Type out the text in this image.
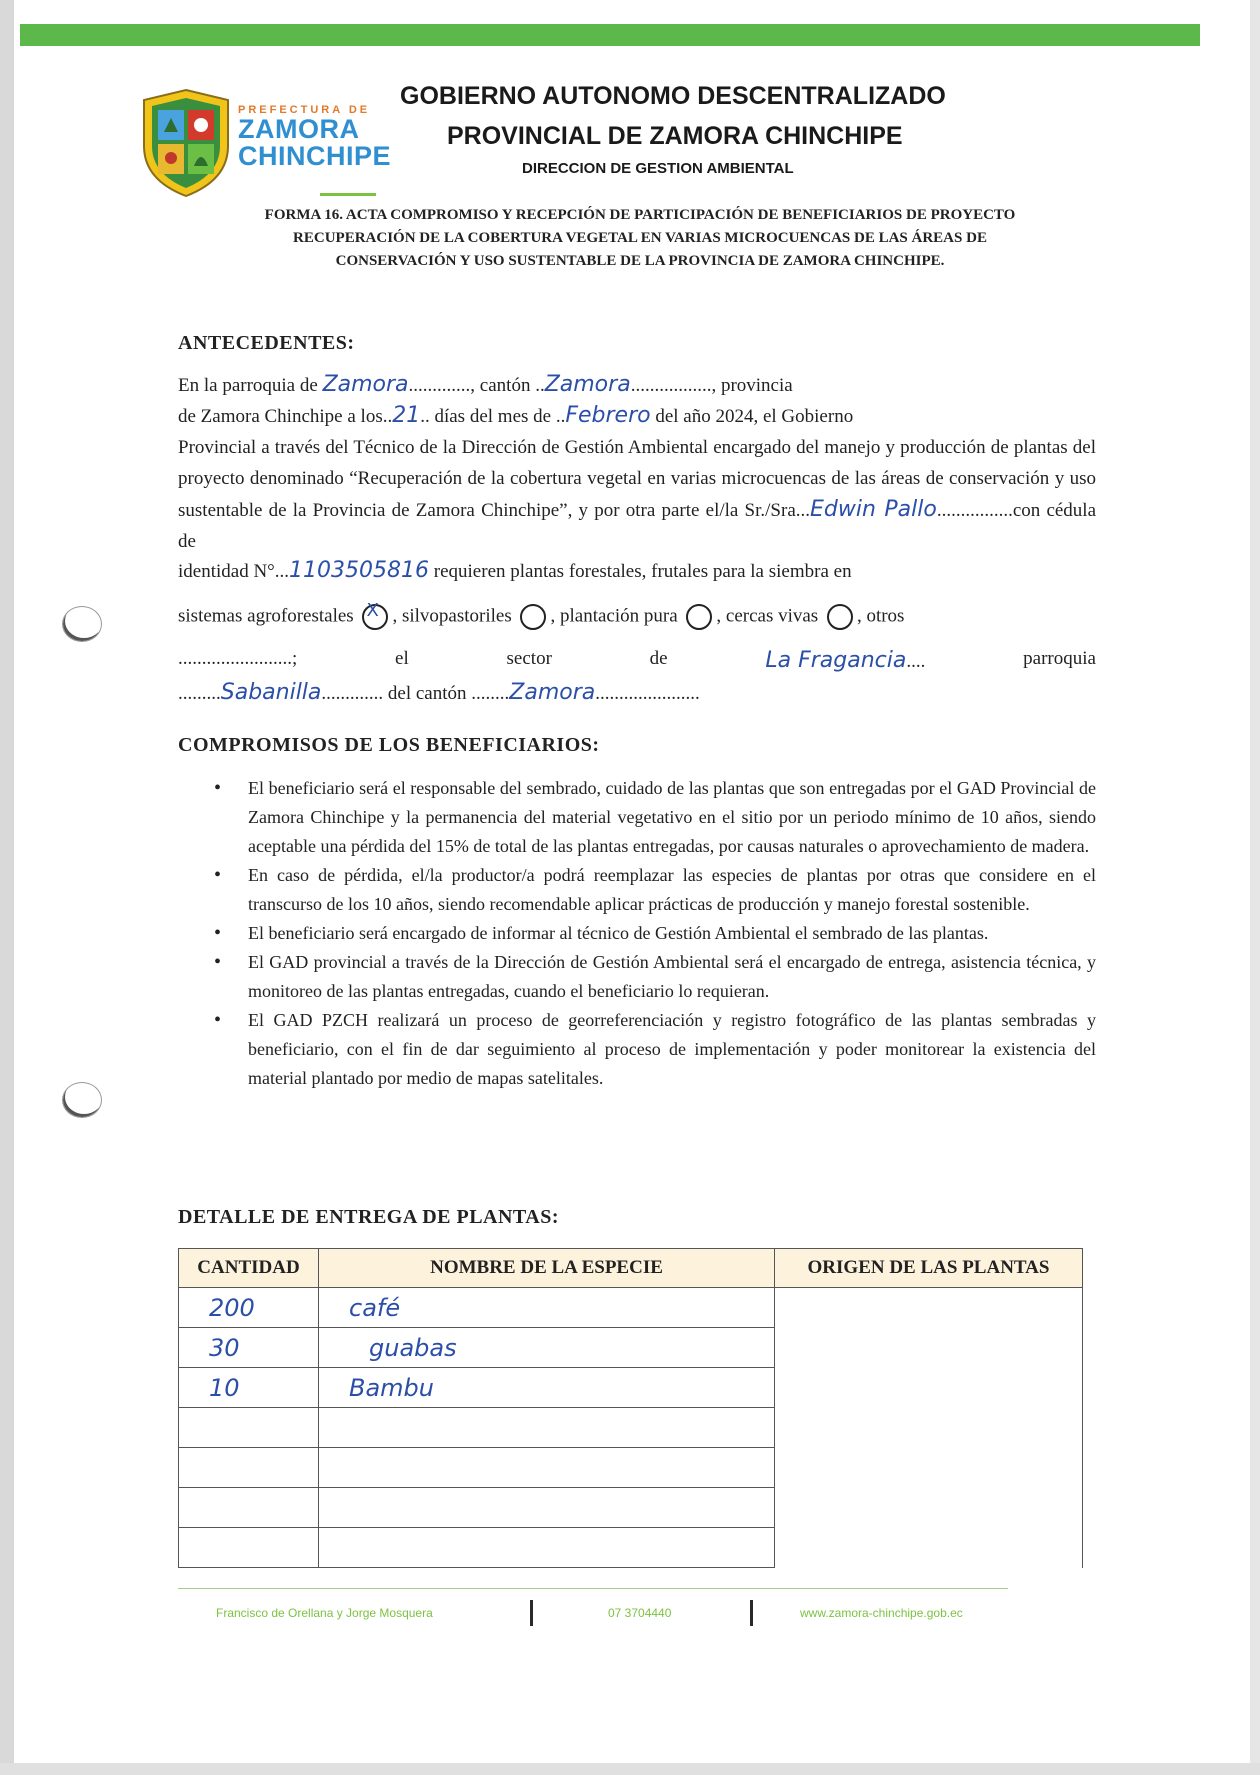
PREFECTURA DE
ZAMORA
CHINCHIPE
GOBIERNO AUTONOMO DESCENTRALIZADO
PROVINCIAL DE ZAMORA CHINCHIPE
DIRECCION DE GESTION AMBIENTAL
FORMA 16. ACTA COMPROMISO Y RECEPCIÓN DE PARTICIPACIÓN DE BENEFICIARIOS DE PROYECTO
RECUPERACIÓN DE LA COBERTURA VEGETAL EN VARIAS MICROCUENCAS DE LAS ÁREAS DE
CONSERVACIÓN Y USO SUSTENTABLE DE LA PROVINCIA DE ZAMORA CHINCHIPE.
ANTECEDENTES:
En la parroquia de Zamora............., cantón ..Zamora................., provincia
de Zamora Chinchipe a los..21.. días del mes de ..Febrero del año 2024, el Gobierno
Provincial a través del Técnico de la Dirección de Gestión Ambiental encargado del manejo y producción de plantas del proyecto denominado “Recuperación de la cobertura vegetal en varias microcuencas de las áreas de conservación y uso sustentable de la Provincia de Zamora Chinchipe”, y por otra parte el/la Sr./Sra...Edwin Pallo................con cédula de
identidad N°...1103505816 requieren plantas forestales, frutales para la siembra en
sistemas agroforestales X , silvopastoriles , plantación pura , cercas vivas , otros
........................;	el	sector	de	La Fragancia....	parroquia
.........Sabanilla............. del cantón ........Zamora......................
COMPROMISOS DE LOS BENEFICIARIOS:
• El beneficiario será el responsable del sembrado, cuidado de las plantas que son entregadas por el GAD Provincial de Zamora Chinchipe y la permanencia del material vegetativo en el sitio por un periodo mínimo de 10 años, siendo aceptable una pérdida del 15% de total de las plantas entregadas, por causas naturales o aprovechamiento de madera.
• En caso de pérdida, el/la productor/a podrá reemplazar las especies de plantas por otras que considere en el transcurso de los 10 años, siendo recomendable aplicar prácticas de producción y manejo forestal sostenible.
• El beneficiario será encargado de informar al técnico de Gestión Ambiental el sembrado de las plantas.
• El GAD provincial a través de la Dirección de Gestión Ambiental será el encargado de entrega, asistencia técnica, y monitoreo de las plantas entregadas, cuando el beneficiario lo requieran.
• El GAD PZCH realizará un proceso de georreferenciación y registro fotográfico de las plantas sembradas y beneficiario, con el fin de dar seguimiento al proceso de implementación y poder monitorear la existencia del material plantado por medio de mapas satelitales.
DETALLE DE ENTREGA DE PLANTAS:
CANTIDAD	NOMBRE DE LA ESPECIE	ORIGEN DE LAS PLANTAS
200	café	
30	guabas	
10	Bambu	

Francisco de Orellana y Jorge Mosquera	07 3704440	www.zamora-chinchipe.gob.ec
